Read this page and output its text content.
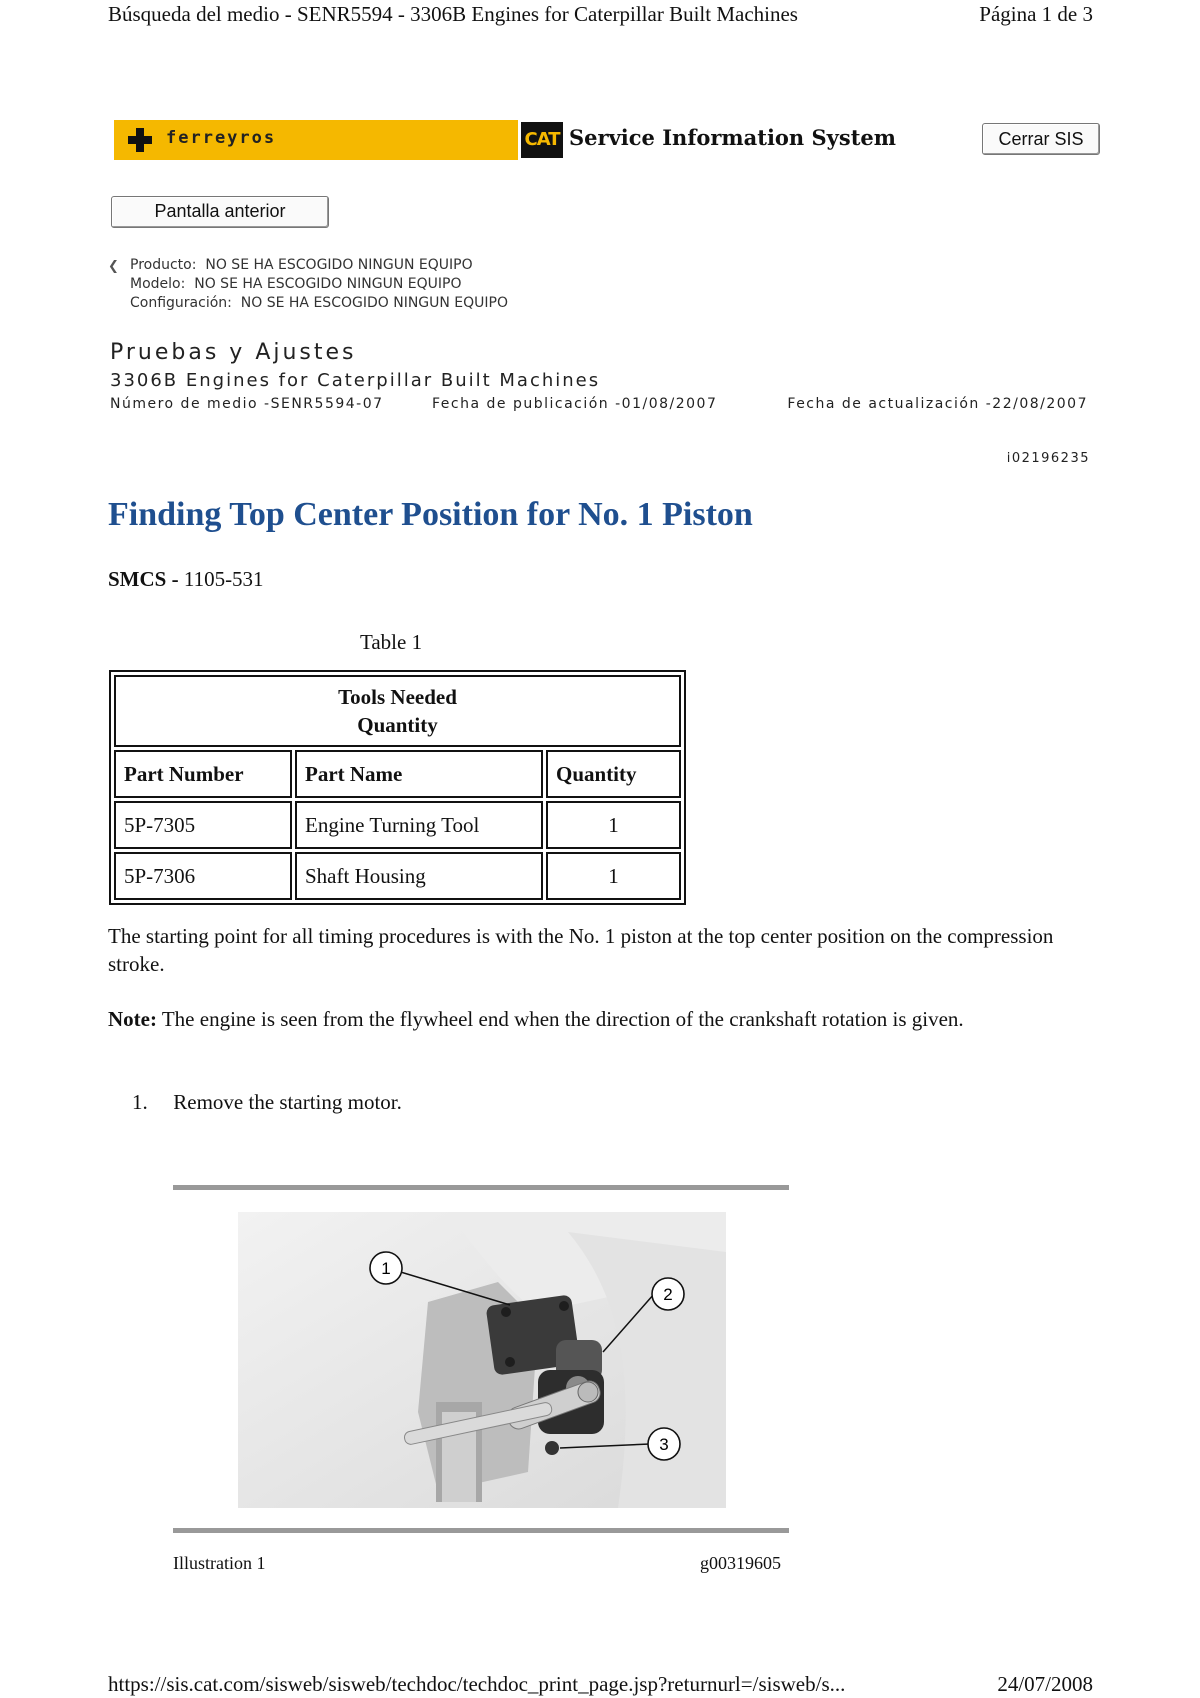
Búsqueda del medio - SENR5594 - 3306B Engines for Caterpillar Built Machines	Página 1 de 3
ferreyros	CAT Service Information System	Cerrar SIS
Pantalla anterior
❮ Producto: NO SE HA ESCOGIDO NINGUN EQUIPO
Modelo: NO SE HA ESCOGIDO NINGUN EQUIPO
Configuración: NO SE HA ESCOGIDO NINGUN EQUIPO
Pruebas y Ajustes
3306B Engines for Caterpillar Built Machines
Número de medio -SENR5594-07	Fecha de publicación -01/08/2007	Fecha de actualización -22/08/2007
i02196235
Finding Top Center Position for No. 1 Piston
SMCS - 1105-531
Table 1
Tools Needed
Quantity		

Part Number	Part Name	Quantity
5P-7305	Engine Turning Tool	1
5P-7306	Shaft Housing	1

The starting point for all timing procedures is with the No. 1 piston at the top center position on the compression stroke.

Note: The engine is seen from the flywheel end when the direction of the crankshaft rotation is given.

1. Remove the starting motor.
1
2
3
Illustration 1	g00319605
https://sis.cat.com/sisweb/sisweb/techdoc/techdoc_print_page.jsp?returnurl=/sisweb/s...	24/07/2008
